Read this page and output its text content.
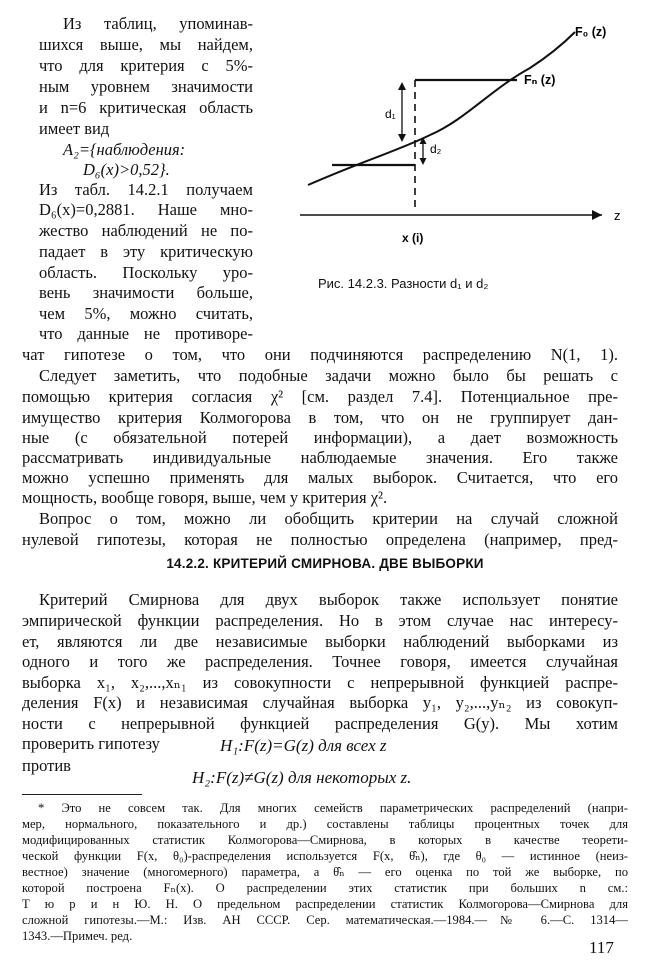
Из таблиц, упоминав-
шихся выше, мы найдем,
что для критерия с 5%-
ным уровнем значимости
и n=6 критическая область
имеет вид
A₂={наблюдения:
D₆(x)>0,52}.
Из табл. 14.2.1 получаем
D₆(x)=0,2881. Наше мно-
жество наблюдений не по-
падает в эту критическую
область. Поскольку уро-
вень значимости больше,
чем 5%, можно считать,
что данные не противоре-
F₀ (z)
Fₙ (z)
d₁
d₂
z
x (i)
Рис. 14.2.3. Разности d₁ и d₂
чат гипотезе о том, что они подчиняются распределению N(1, 1).
Следует заметить, что подобные задачи можно было бы решать с
помощью критерия согласия χ² [см. раздел 7.4]. Потенциальное пре-
имущество критерия Колмогорова в том, что он не группирует дан-
ные (с обязательной потерей информации), а дает возможность
рассматривать индивидуальные наблюдаемые значения. Его также
можно успешно применять для малых выборок. Считается, что его
мощность, вообще говоря, выше, чем у критерия χ².
Вопрос о том, можно ли обобщить критерии на случай сложной
нулевой гипотезы, которая не полностью определена (например, пред-
14.2.2. КРИТЕРИЙ СМИРНОВА. ДВЕ ВЫБОРКИ
Критерий Смирнова для двух выборок также использует понятие
эмпирической функции распределения. Но в этом случае нас интересу-
ет, являются ли две независимые выборки наблюдений выборками из
одного и того же распределения. Точнее говоря, имеется случайная
выборка x₁, x₂,...,xₙ₁ из совокупности с непрерывной функцией распре-
деления F(x) и независимая случайная выборка y₁, y₂,...,yₙ₂ из совокуп-
ности с непрерывной функцией распределения G(y). Мы хотим
проверить гипотезу	H₁:F(z)=G(z) для всех z
против
H₂:F(z)≠G(z) для некоторых z.
* Это не совсем так. Для многих семейств параметрических распределений (напри-
мер, нормального, показательного и др.) составлены таблицы процентных точек для
модифицированных статистик Колмогорова—Смирнова, в которых в качестве теорети-
ческой функции F(x, θ₀)-распределения используется F(x, θ̂ₙ), где θ₀ — истинное (неиз-
вестное) значение (многомерного) параметра, а θ̂ₙ — его оценка по той же выборке, по
которой построена Fₙ(x). О распределении этих статистик при больших n см.:
Т ю р и н Ю. Н. О предельном распределении статистик Колмогорова—Смирнова для
сложной гипотезы.—М.: Изв. АН СССР. Сер. математическая.—1984.—№ 6.—С. 1314—
1343.—Примеч. ред.
117
